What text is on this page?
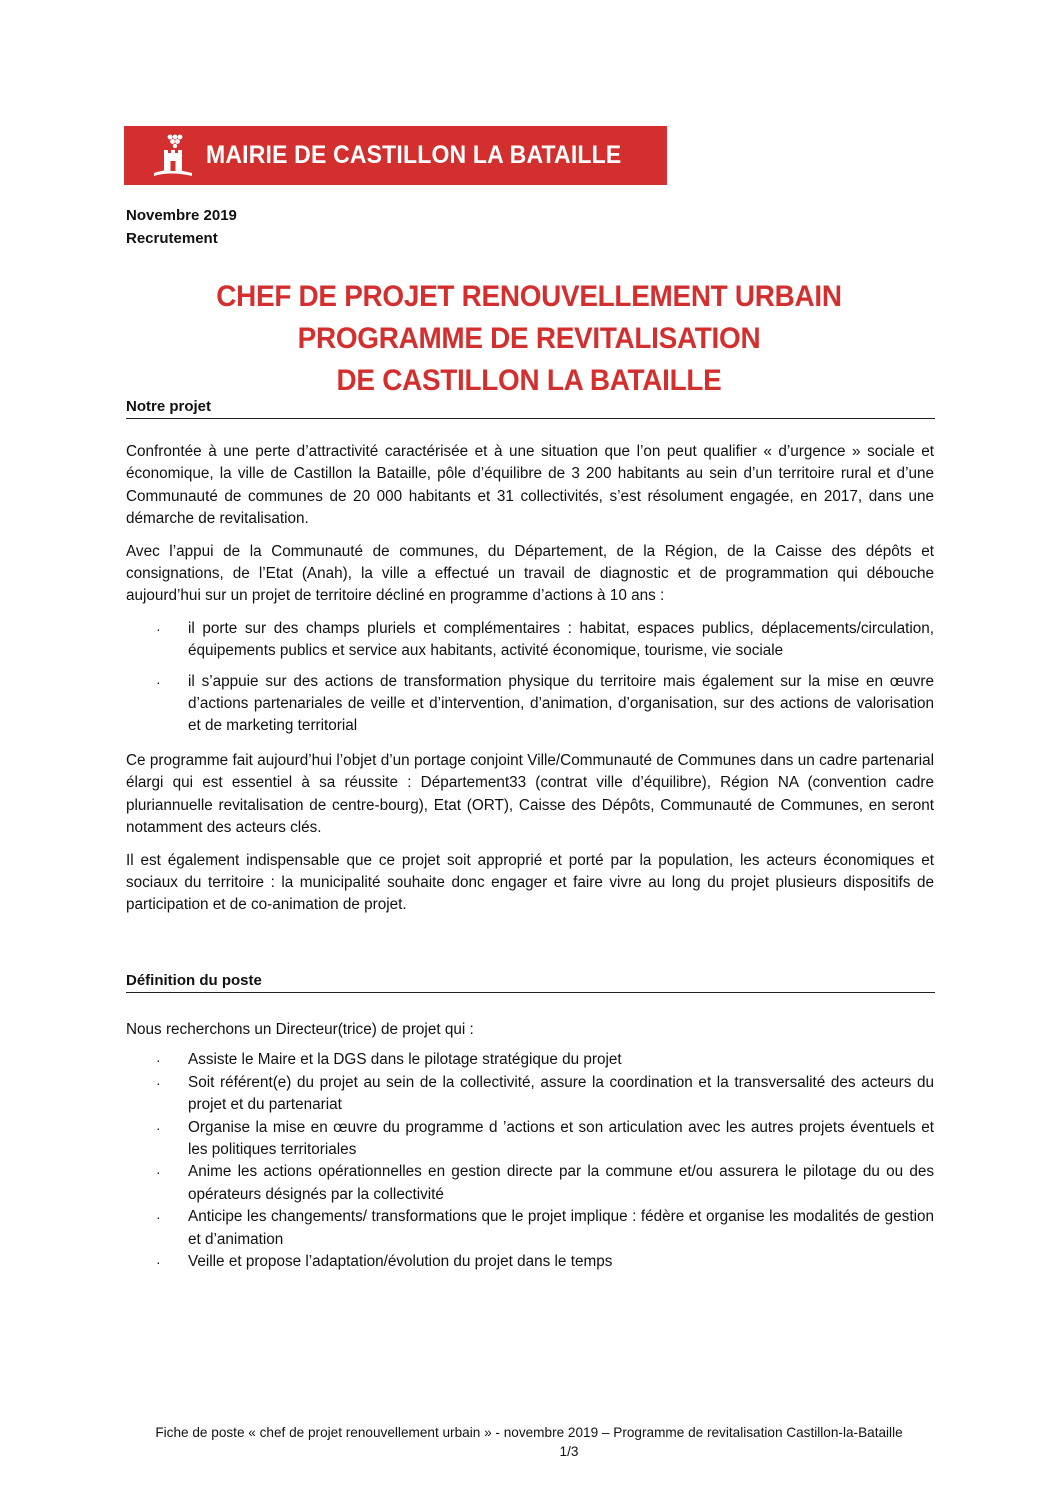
MAIRIE DE CASTILLON LA BATAILLE
Novembre 2019
Recrutement
CHEF DE PROJET RENOUVELLEMENT URBAIN
PROGRAMME DE REVITALISATION
DE CASTILLON LA BATAILLE
Notre projet

Confrontée à une perte d’attractivité caractérisée et à une situation que l’on peut qualifier « d’urgence » sociale et économique, la ville de Castillon la Bataille, pôle d’équilibre de 3 200 habitants au sein d’un territoire rural et d’une Communauté de communes de 20 000 habitants et 31 collectivités, s’est résolument engagée, en 2017, dans une démarche de revitalisation.

Avec l’appui de la Communauté de communes, du Département, de la Région, de la Caisse des dépôts et consignations, de l’Etat (Anah), la ville a effectué un travail de diagnostic et de programmation qui débouche aujourd’hui sur un projet de territoire décliné en programme d’actions à 10 ans :

· il porte sur des champs pluriels et complémentaires : habitat, espaces publics, déplacements/circulation, équipements publics et service aux habitants, activité économique, tourisme, vie sociale
· il s’appuie sur des actions de transformation physique du territoire mais également sur la mise en œuvre d’actions partenariales de veille et d’intervention, d’animation, d’organisation, sur des actions de valorisation et de marketing territorial

Ce programme fait aujourd’hui l’objet d’un portage conjoint Ville/Communauté de Communes dans un cadre partenarial élargi qui est essentiel à sa réussite : Département33 (contrat ville d’équilibre), Région NA (convention cadre pluriannuelle revitalisation de centre-bourg), Etat (ORT), Caisse des Dépôts, Communauté de Communes, en seront notamment des acteurs clés.

Il est également indispensable que ce projet soit approprié et porté par la population, les acteurs économiques et sociaux du territoire : la municipalité souhaite donc engager et faire vivre au long du projet plusieurs dispositifs de participation et de co-animation de projet.

Définition du poste

Nous recherchons un Directeur(trice) de projet qui :

· Assiste le Maire et la DGS dans le pilotage stratégique du projet
· Soit référent(e) du projet au sein de la collectivité, assure la coordination et la transversalité des acteurs du projet et du partenariat
· Organise la mise en œuvre du programme d ’actions et son articulation avec les autres projets éventuels et les politiques territoriales
· Anime les actions opérationnelles en gestion directe par la commune et/ou assurera le pilotage du ou des opérateurs désignés par la collectivité
· Anticipe les changements/ transformations que le projet implique : fédère et organise les modalités de gestion et d’animation
· Veille et propose l’adaptation/évolution du projet dans le temps
Fiche de poste « chef de projet renouvellement urbain » - novembre 2019 – Programme de revitalisation Castillon-la-Bataille
1/3
